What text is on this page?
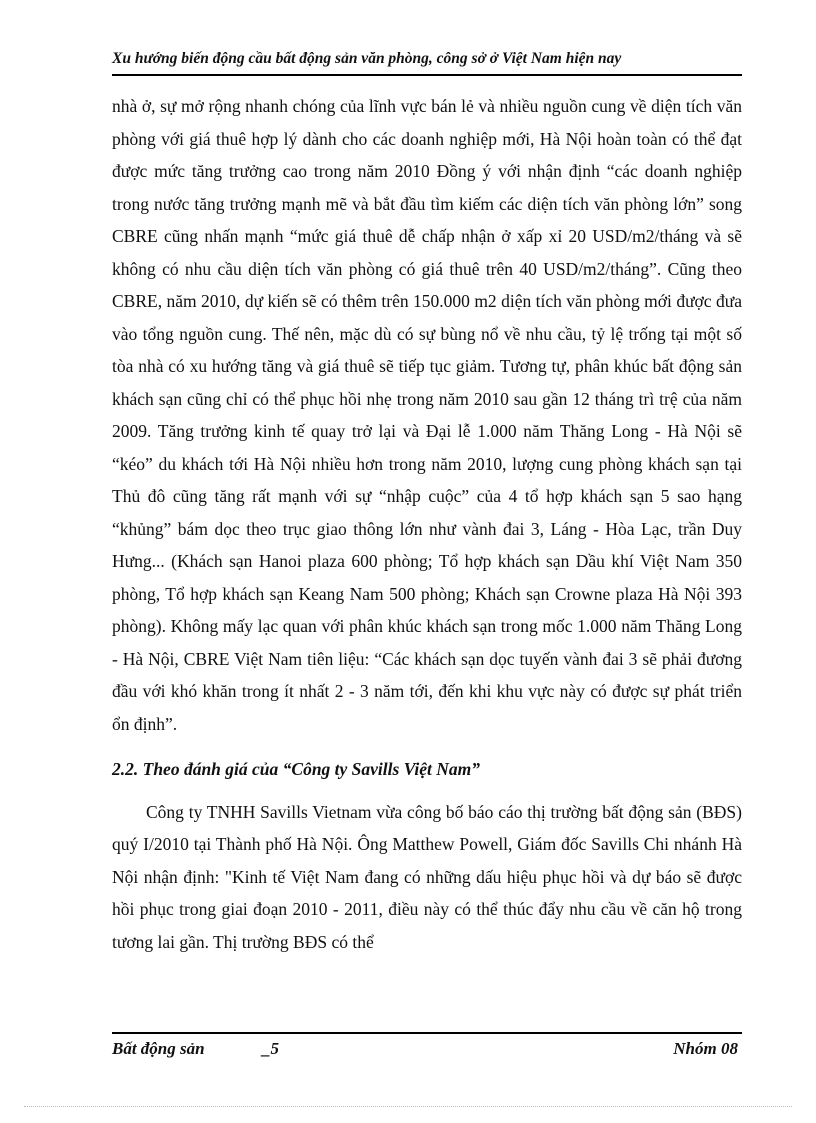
Xu hướng biến động cầu bất động sản văn phòng, công sở ở Việt Nam hiện nay

nhà ở, sự mở rộng nhanh chóng của lĩnh vực bán lẻ và nhiều nguồn cung về diện tích văn phòng với giá thuê hợp lý dành cho các doanh nghiệp mới, Hà Nội hoàn toàn có thể đạt được mức tăng trưởng cao trong năm 2010 Đồng ý với nhận định “các doanh nghiệp trong nước tăng trưởng mạnh mẽ và bắt đầu tìm kiếm các diện tích văn phòng lớn” song CBRE cũng nhấn mạnh “mức giá thuê dễ chấp nhận ở xấp xỉ 20 USD/m2/tháng và sẽ không có nhu cầu diện tích văn phòng có giá thuê trên 40 USD/m2/tháng”. Cũng theo CBRE, năm 2010, dự kiến sẽ có thêm trên 150.000 m2 diện tích văn phòng mới được đưa vào tổng nguồn cung. Thế nên, mặc dù có sự bùng nổ về nhu cầu, tỷ lệ trống tại một số tòa nhà có xu hướng tăng và giá thuê sẽ tiếp tục giảm. Tương tự, phân khúc bất động sản khách sạn cũng chỉ có thể phục hồi nhẹ trong năm 2010 sau gần 12 tháng trì trệ của năm 2009. Tăng trưởng kinh tế quay trở lại và Đại lễ 1.000 năm Thăng Long - Hà Nội sẽ “kéo” du khách tới Hà Nội nhiều hơn trong năm 2010, lượng cung phòng khách sạn tại Thủ đô cũng tăng rất mạnh với sự “nhập cuộc” của 4 tổ hợp khách sạn 5 sao hạng “khủng” bám dọc theo trục giao thông lớn như vành đai 3, Láng - Hòa Lạc, trần Duy Hưng... (Khách sạn Hanoi plaza 600 phòng; Tổ hợp khách sạn Dầu khí Việt Nam 350 phòng, Tổ hợp khách sạn Keang Nam 500 phòng; Khách sạn Crowne plaza Hà Nội 393 phòng). Không mấy lạc quan với phân khúc khách sạn trong mốc 1.000 năm Thăng Long - Hà Nội, CBRE Việt Nam tiên liệu: “Các khách sạn dọc tuyến vành đai 3 sẽ phải đương đầu với khó khăn trong ít nhất 2 - 3 năm tới, đến khi khu vực này có được sự phát triển ổn định”.

2.2. Theo đánh giá của “Công ty Savills Việt Nam”

Công ty TNHH Savills Vietnam vừa công bố báo cáo thị trường bất động sản (BĐS) quý I/2010 tại Thành phố Hà Nội. Ông Matthew Powell, Giám đốc Savills Chi nhánh Hà Nội nhận định: "Kinh tế Việt Nam đang có những dấu hiệu phục hồi và dự báo sẽ được hồi phục trong giai đoạn 2010 - 2011, điều này có thể thúc đẩy nhu cầu về căn hộ trong tương lai gần. Thị trường BĐS có thể

Bất động sản	_5	Nhóm 08
